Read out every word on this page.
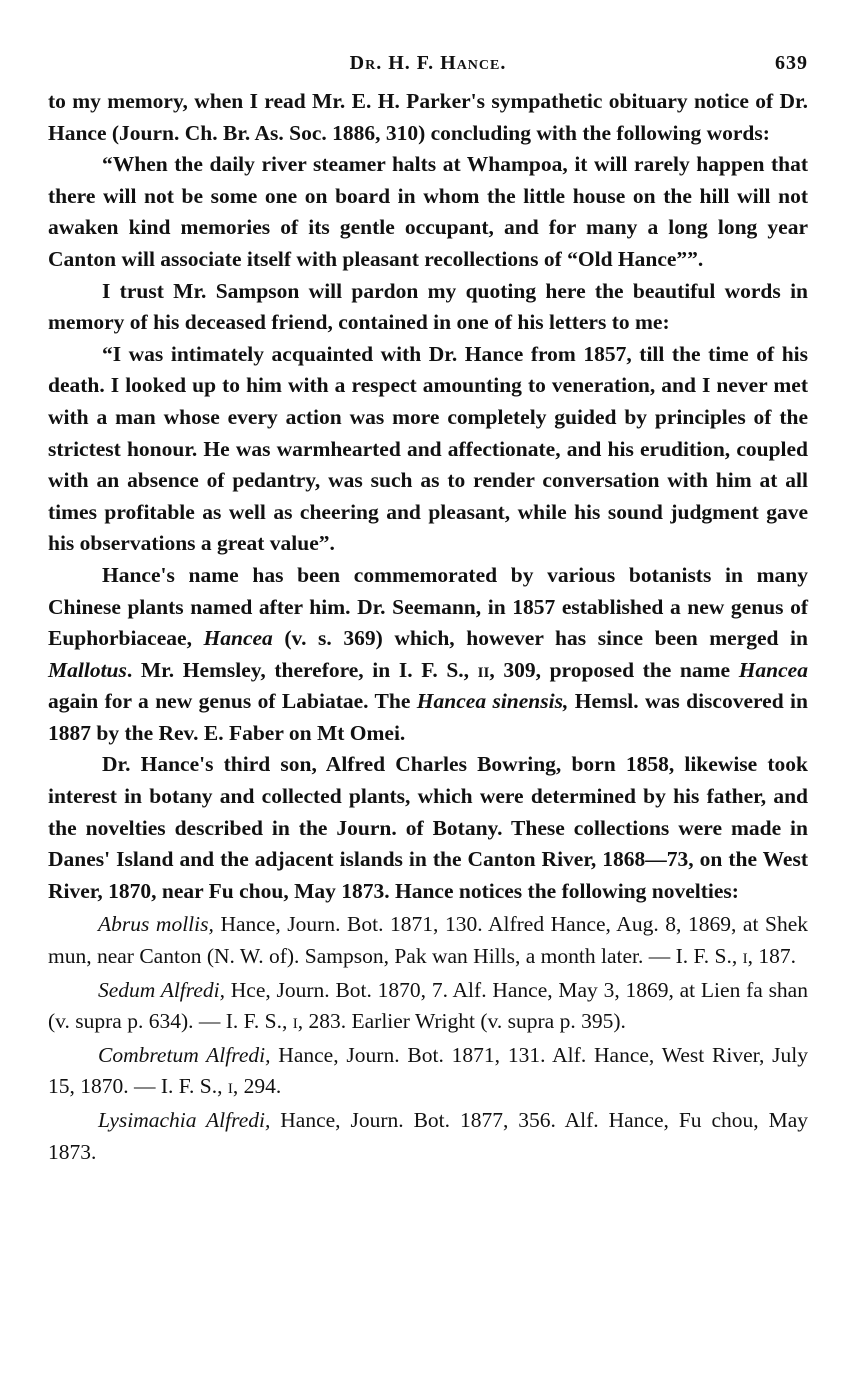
Dr. H. F. Hance.	639

to my memory, when I read Mr. E. H. Parker's sympathetic obituary notice of Dr. Hance (Journ. Ch. Br. As. Soc. 1886, 310) concluding with the following words:

“When the daily river steamer halts at Whampoa, it will rarely happen that there will not be some one on board in whom the little house on the hill will not awaken kind memories of its gentle occupant, and for many a long long year Canton will associate itself with pleasant recollections of “Old Hance””.

I trust Mr. Sampson will pardon my quoting here the beautiful words in memory of his deceased friend, contained in one of his letters to me:

“I was intimately acquainted with Dr. Hance from 1857, till the time of his death. I looked up to him with a respect amounting to veneration, and I never met with a man whose every action was more completely guided by principles of the strictest honour. He was warmhearted and affectionate, and his erudition, coupled with an absence of pedantry, was such as to render conversation with him at all times profitable as well as cheering and pleasant, while his sound judgment gave his observations a great value”.

Hance's name has been commemorated by various botanists in many Chinese plants named after him. Dr. Seemann, in 1857 established a new genus of Euphorbiaceae, Hancea (v. s. 369) which, however has since been merged in Mallotus. Mr. Hemsley, therefore, in I. F. S., ii, 309, proposed the name Hancea again for a new genus of Labiatae. The Hancea sinensis, Hemsl. was discovered in 1887 by the Rev. E. Faber on Mt Omei.

Dr. Hance's third son, Alfred Charles Bowring, born 1858, likewise took interest in botany and collected plants, which were determined by his father, and the novelties described in the Journ. of Botany. These collections were made in Danes' Island and the adjacent islands in the Canton River, 1868—73, on the West River, 1870, near Fu chou, May 1873. Hance notices the following novelties:

Abrus mollis, Hance, Journ. Bot. 1871, 130. Alfred Hance, Aug. 8, 1869, at Shek mun, near Canton (N. W. of). Sampson, Pak wan Hills, a month later. — I. F. S., i, 187.

Sedum Alfredi, Hce, Journ. Bot. 1870, 7. Alf. Hance, May 3, 1869, at Lien fa shan (v. supra p. 634). — I. F. S., i, 283. Earlier Wright (v. supra p. 395).

Combretum Alfredi, Hance, Journ. Bot. 1871, 131. Alf. Hance, West River, July 15, 1870. — I. F. S., i, 294.

Lysimachia Alfredi, Hance, Journ. Bot. 1877, 356. Alf. Hance, Fu chou, May 1873.
